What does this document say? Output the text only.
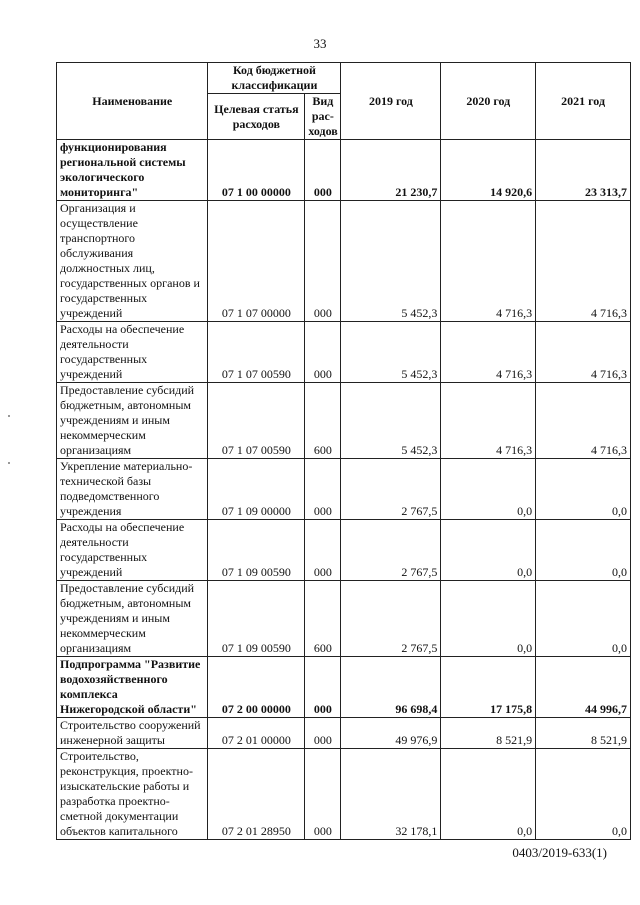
33
Наименование	Код бюджетной классификации		2019 год	2020 год	2021 год
	Целевая статья расходов	Вид рас-ходов			
функционирования региональной системы экологического мониторинга"	07 1 00 00000	000	21 230,7	14 920,6	23 313,7
Организация и осуществление транспортного обслуживания должностных лиц, государственных органов и государственных учреждений	07 1 07 00000	000	5 452,3	4 716,3	4 716,3
Расходы на обеспечение деятельности государственных учреждений	07 1 07 00590	000	5 452,3	4 716,3	4 716,3
Предоставление субсидий бюджетным, автономным учреждениям и иным некоммерческим организациям	07 1 07 00590	600	5 452,3	4 716,3	4 716,3
Укрепление материально-технической базы подведомственного учреждения	07 1 09 00000	000	2 767,5	0,0	0,0
Расходы на обеспечение деятельности государственных учреждений	07 1 09 00590	000	2 767,5	0,0	0,0
Предоставление субсидий бюджетным, автономным учреждениям и иным некоммерческим организациям	07 1 09 00590	600	2 767,5	0,0	0,0
Подпрограмма "Развитие водохозяйственного комплекса Нижегородской области"	07 2 00 00000	000	96 698,4	17 175,8	44 996,7
Строительство сооружений инженерной защиты	07 2 01 00000	000	49 976,9	8 521,9	8 521,9
Строительство, реконструкция, проектно-изыскательские работы и разработка проектно-сметной документации объектов капитального	07 2 01 28950	000	32 178,1	0,0	0,0
0403/2019-633(1)
